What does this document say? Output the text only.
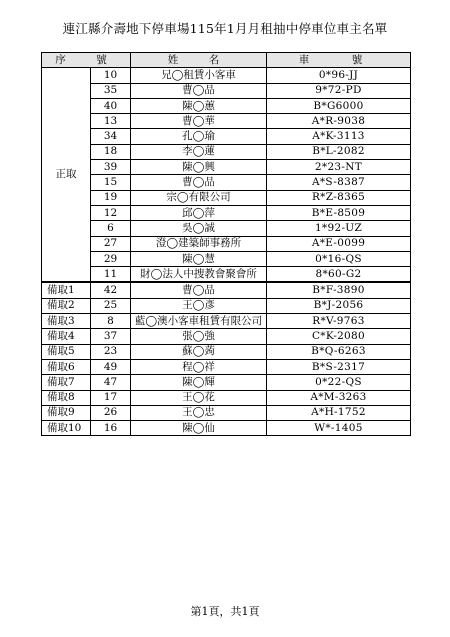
連江縣介壽地下停車場115年1月月租抽中停車位車主名單
序　號		姓　名	車　號
正取	10	兄◯租賃小客車	0*96-JJ
	35	曹◯品	9*72-PD
	40	陳◯蕙	B*G6000
	13	曹◯華	A*R-9038
	34	孔◯瑜	A*K-3113
	18	李◯蓮	B*L-2082
	39	陳◯興	2*23-NT
	15	曹◯品	A*S-8387
	19	宗◯有限公司	R*Z-8365
	12	邱◯萍	B*E-8509
	6	吳◯誠	1*92-UZ
	27	澄◯建築師事務所	A*E-0099
	29	陳◯慧	0*16-QS
	11	財◯法人中捜教會聚會所	8*60-G2
備取1	42	曹◯品	B*F-3890
備取2	25	王◯彥	B*J-2056
備取3	8	藍◯澳小客車租賃有限公司	R*V-9763
備取4	37	張◯強	C*K-2080
備取5	23	蘇◯蒟	B*Q-6263
備取6	49	程◯祥	B*S-2317
備取7	47	陳◯輝	0*22-QS
備取8	17	王◯花	A*M-3263
備取9	26	王◯忠	A*H-1752
備取10	16	陳◯仙	W*-1405
第1頁，共1頁
